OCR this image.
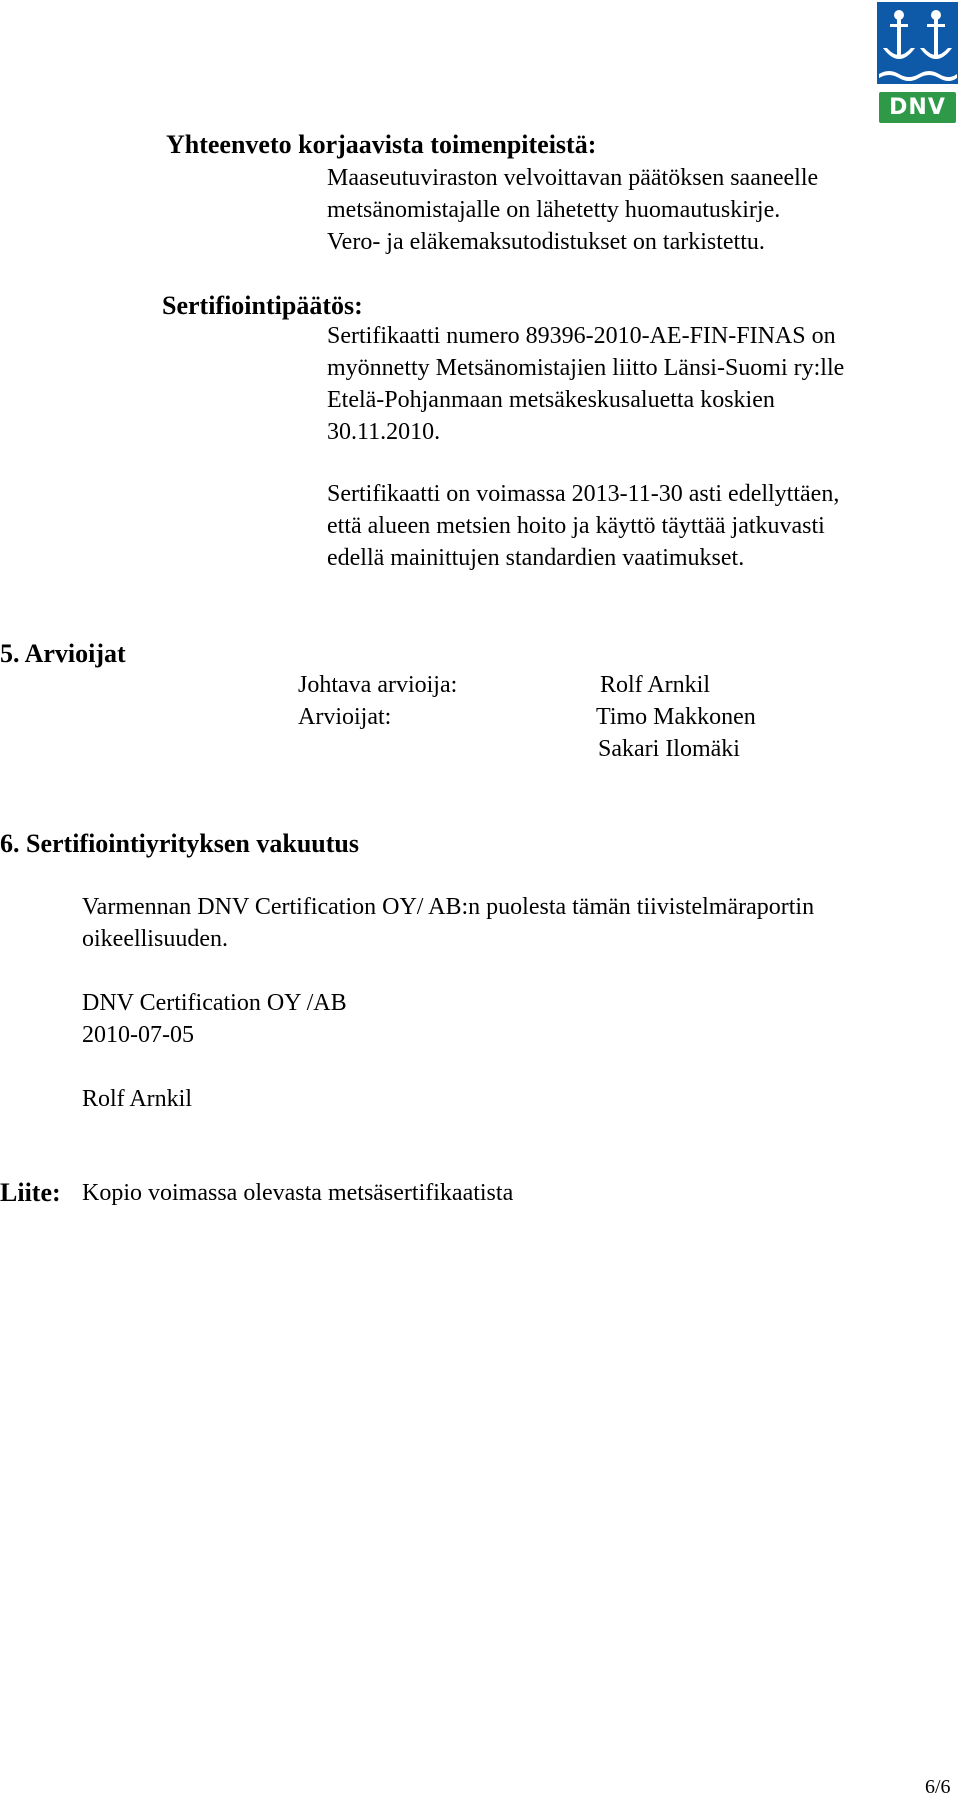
DNV
Yhteenveto korjaavista toimenpiteistä:
Maaseutuviraston velvoittavan päätöksen saaneelle
metsänomistajalle on lähetetty huomautuskirje.
Vero- ja eläkemaksutodistukset on tarkistettu.
Sertifiointipäätös:
Sertifikaatti numero 89396-2010-AE-FIN-FINAS on
myönnetty Metsänomistajien liitto Länsi-Suomi ry:lle
Etelä-Pohjanmaan metsäkeskusaluetta koskien
30.11.2010.
Sertifikaatti on voimassa 2013-11-30 asti edellyttäen,
että alueen metsien hoito ja käyttö täyttää jatkuvasti
edellä mainittujen standardien vaatimukset.
5. Arvioijat
Johtava arvioija:	Rolf Arnkil
Arvioijat:	Timo Makkonen
Sakari Ilomäki
6. Sertifiointiyrityksen vakuutus
Varmennan DNV Certification OY/ AB:n puolesta tämän tiivistelmäraportin
oikeellisuuden.
DNV Certification OY /AB
2010-07-05
Rolf Arnkil
Liite: Kopio voimassa olevasta metsäsertifikaatista
6/6
